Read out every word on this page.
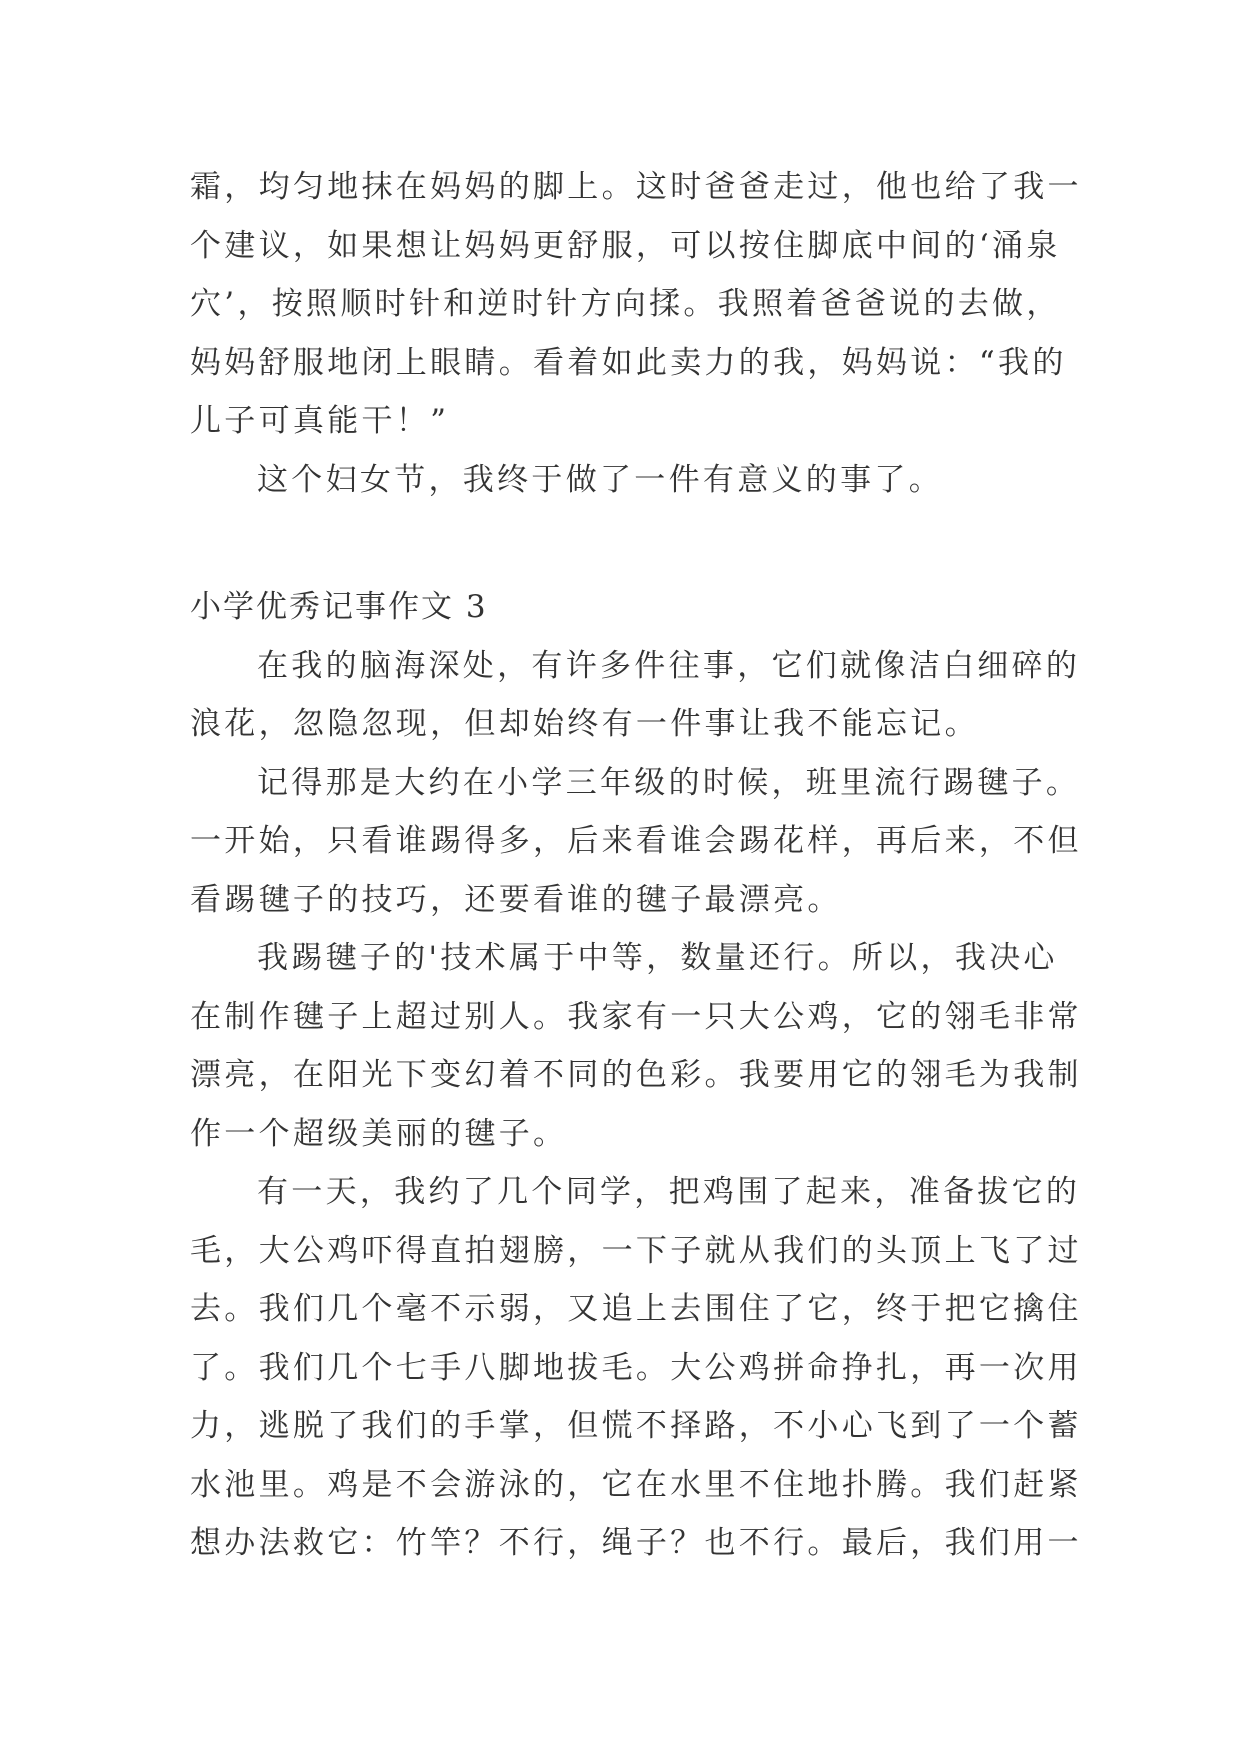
霜，均匀地抹在妈妈的脚上。这时爸爸走过，他也给了我一
个建议，如果想让妈妈更舒服，可以按住脚底中间的‘涌泉
穴’，按照顺时针和逆时针方向揉。我照着爸爸说的去做，
妈妈舒服地闭上眼睛。看着如此卖力的我，妈妈说：“我的
儿子可真能干！”
这个妇女节，我终于做了一件有意义的事了。
小学优秀记事作文 3
在我的脑海深处，有许多件往事，它们就像洁白细碎的
浪花，忽隐忽现，但却始终有一件事让我不能忘记。
记得那是大约在小学三年级的时候，班里流行踢毽子。
一开始，只看谁踢得多，后来看谁会踢花样，再后来，不但
看踢毽子的技巧，还要看谁的毽子最漂亮。
我踢毽子的'技术属于中等，数量还行。所以，我决心
在制作毽子上超过别人。我家有一只大公鸡，它的翎毛非常
漂亮，在阳光下变幻着不同的色彩。我要用它的翎毛为我制
作一个超级美丽的毽子。
有一天，我约了几个同学，把鸡围了起来，准备拔它的
毛，大公鸡吓得直拍翅膀，一下子就从我们的头顶上飞了过
去。我们几个毫不示弱，又追上去围住了它，终于把它擒住
了。我们几个七手八脚地拔毛。大公鸡拼命挣扎，再一次用
力，逃脱了我们的手掌，但慌不择路，不小心飞到了一个蓄
水池里。鸡是不会游泳的，它在水里不住地扑腾。我们赶紧
想办法救它：竹竿？不行，绳子？也不行。最后，我们用一
